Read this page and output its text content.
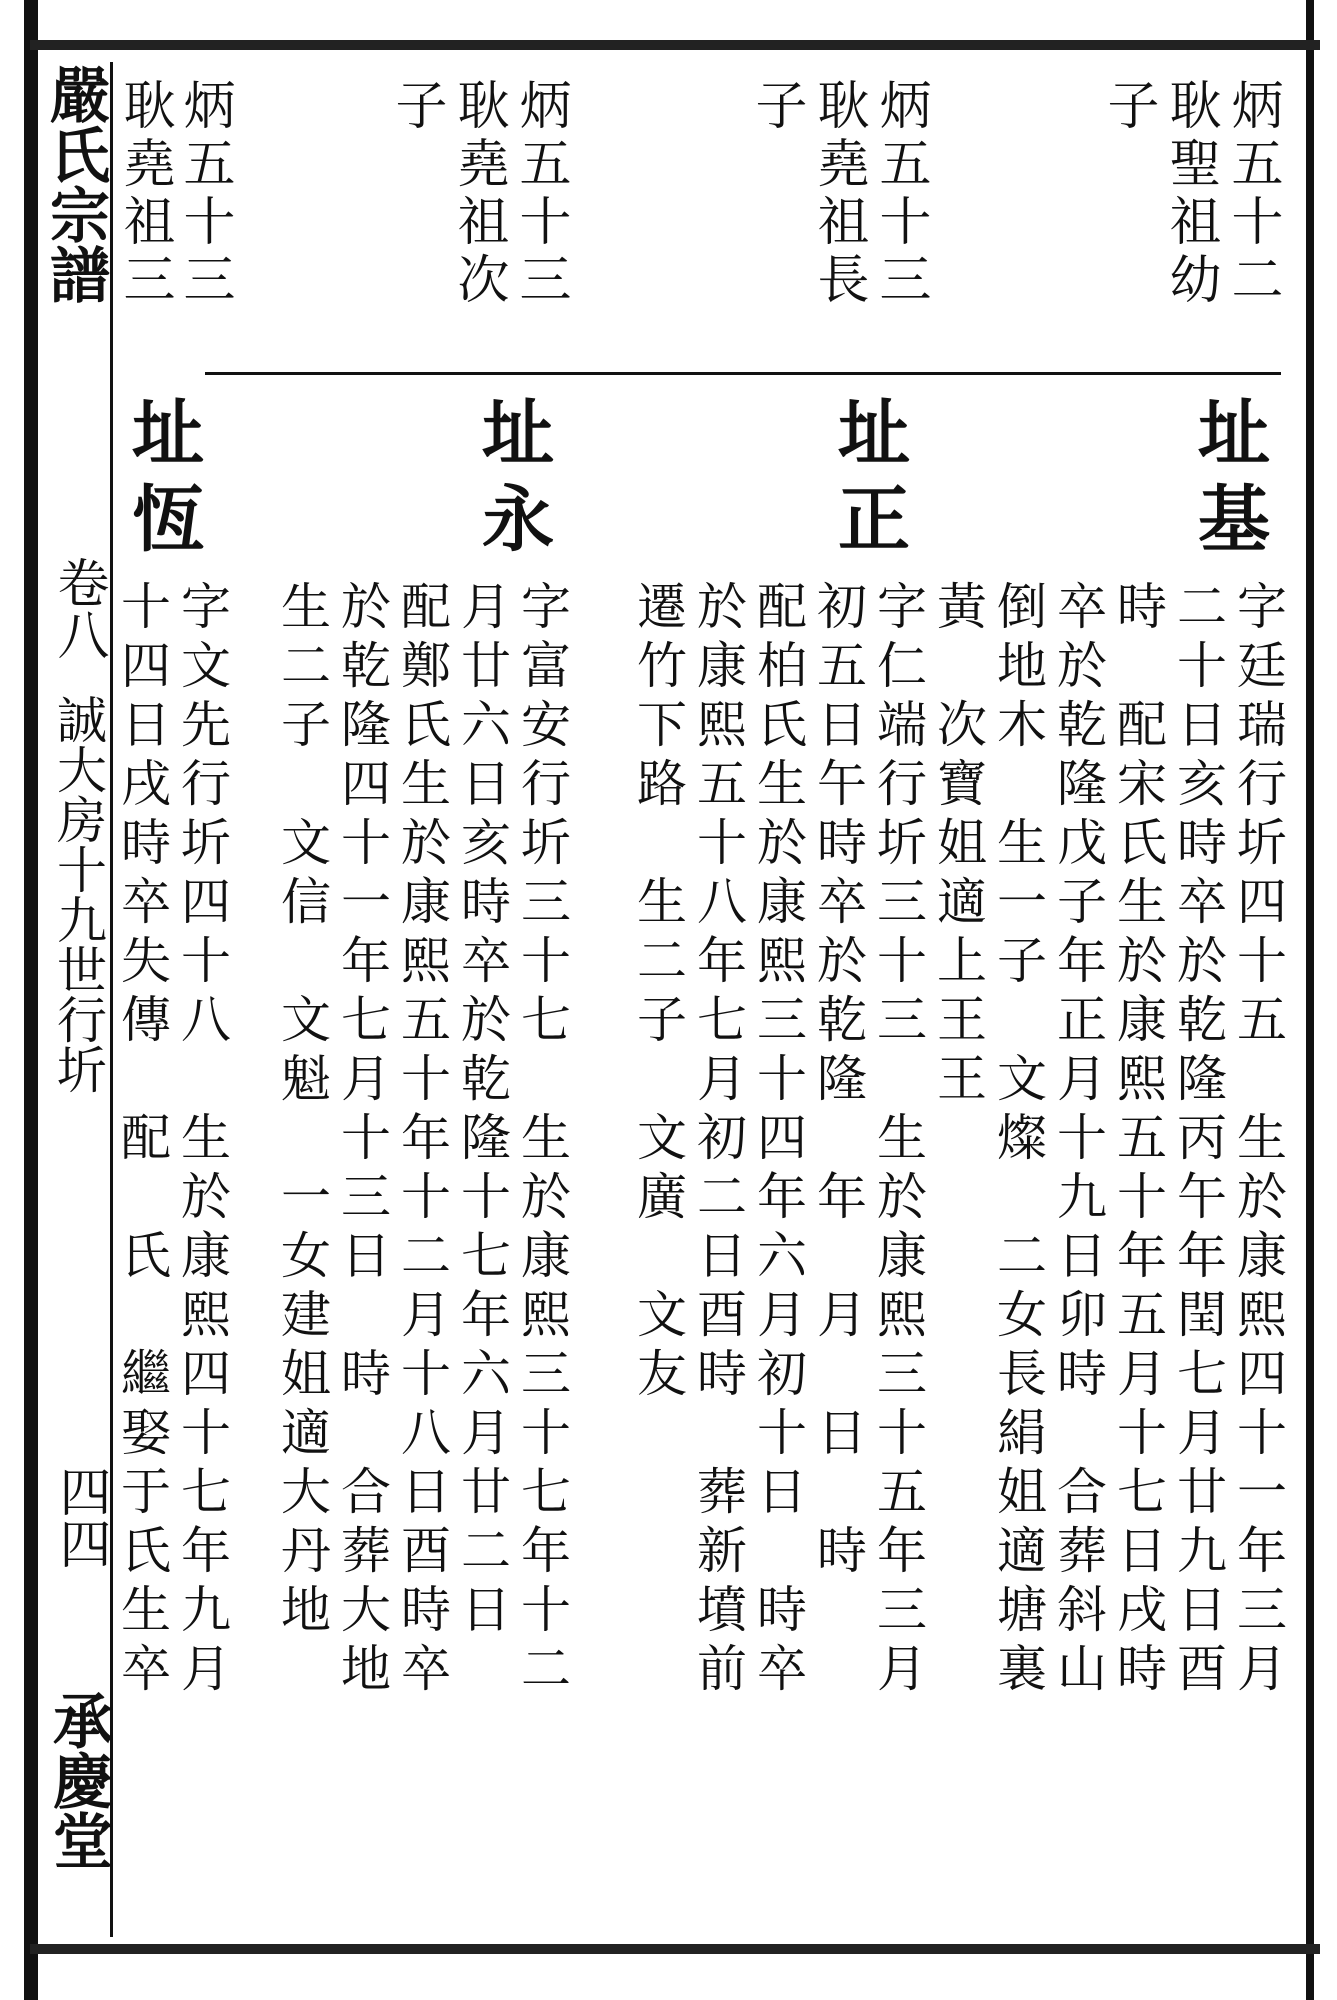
嚴氏宗譜
卷八
誠大房十九世行圻
四四
承慶堂
炳五十二
耿聖祖幼
子
炳五十三
耿堯祖長
子
炳五十三
耿堯祖次
子
炳五十三
耿堯祖三
址基
字廷瑞行圻四十五　生於康熙四十一年三月
二十日亥時卒於乾隆丙午年閏七月廿九日酉
時　配宋氏生於康熙五十年五月十七日戌時
卒於乾隆戊子年正月十九日卯時　合葬斜山
倒地木　生一子　文燦　二女長絹姐適塘裏
黃　次寶姐適上王王
址正
字仁端行圻三十三　生於康熙三十五年三月
初五日午時卒於乾隆　年　月　日　時
配柏氏生於康熙三十四年六月初十日　時卒
於康熙五十八年七月初二日酉時　葬新墳前
遷竹下路　生二子　文廣　文友
址永
字富安行圻三十七　生於康熙三十七年十二
月廿六日亥時卒於乾隆十七年六月廿二日
配鄭氏生於康熙五十年十二月十八日酉時卒
於乾隆四十一年七月十三日　時　合葬大地
生二子　文信　文魁　一女建姐適大丹地
址恆
字文先行圻四十八　生於康熙四十七年九月
十四日戌時卒失傳　配　氏　繼娶于氏生卒
